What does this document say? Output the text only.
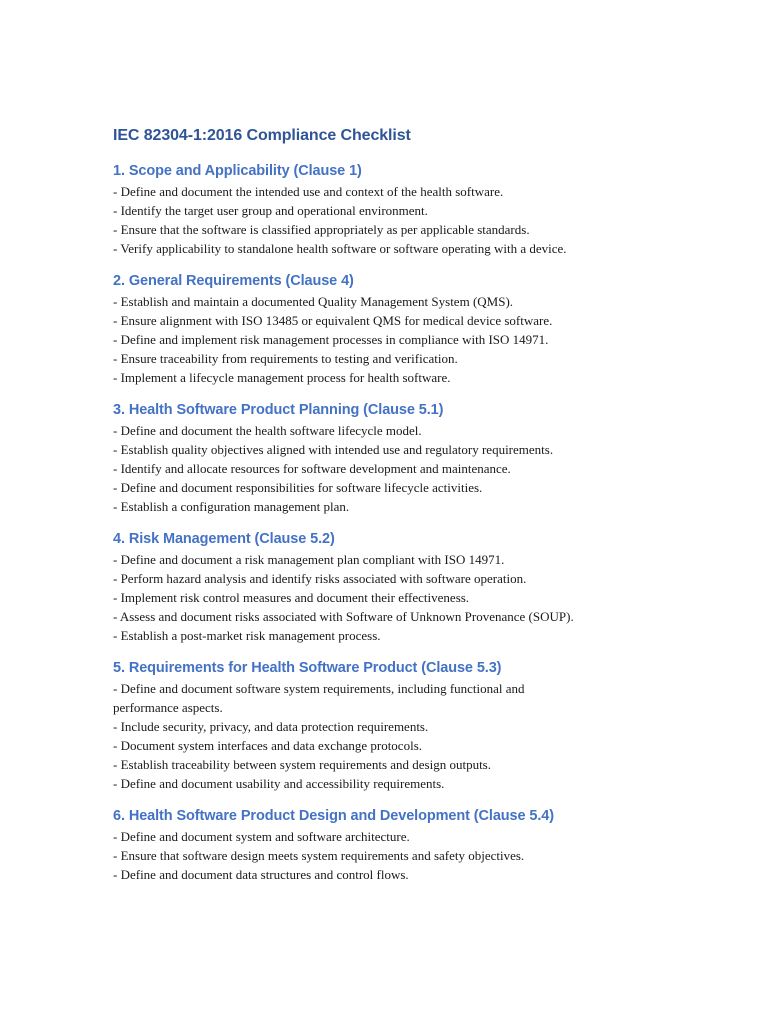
IEC 82304-1:2016 Compliance Checklist
1. Scope and Applicability (Clause 1)
- Define and document the intended use and context of the health software.
- Identify the target user group and operational environment.
- Ensure that the software is classified appropriately as per applicable standards.
- Verify applicability to standalone health software or software operating with a device.
2. General Requirements (Clause 4)
- Establish and maintain a documented Quality Management System (QMS).
- Ensure alignment with ISO 13485 or equivalent QMS for medical device software.
- Define and implement risk management processes in compliance with ISO 14971.
- Ensure traceability from requirements to testing and verification.
- Implement a lifecycle management process for health software.
3. Health Software Product Planning (Clause 5.1)
- Define and document the health software lifecycle model.
- Establish quality objectives aligned with intended use and regulatory requirements.
- Identify and allocate resources for software development and maintenance.
- Define and document responsibilities for software lifecycle activities.
- Establish a configuration management plan.
4. Risk Management (Clause 5.2)
- Define and document a risk management plan compliant with ISO 14971.
- Perform hazard analysis and identify risks associated with software operation.
- Implement risk control measures and document their effectiveness.
- Assess and document risks associated with Software of Unknown Provenance (SOUP).
- Establish a post-market risk management process.
5. Requirements for Health Software Product (Clause 5.3)
- Define and document software system requirements, including functional and performance aspects.
- Include security, privacy, and data protection requirements.
- Document system interfaces and data exchange protocols.
- Establish traceability between system requirements and design outputs.
- Define and document usability and accessibility requirements.
6. Health Software Product Design and Development (Clause 5.4)
- Define and document system and software architecture.
- Ensure that software design meets system requirements and safety objectives.
- Define and document data structures and control flows.
